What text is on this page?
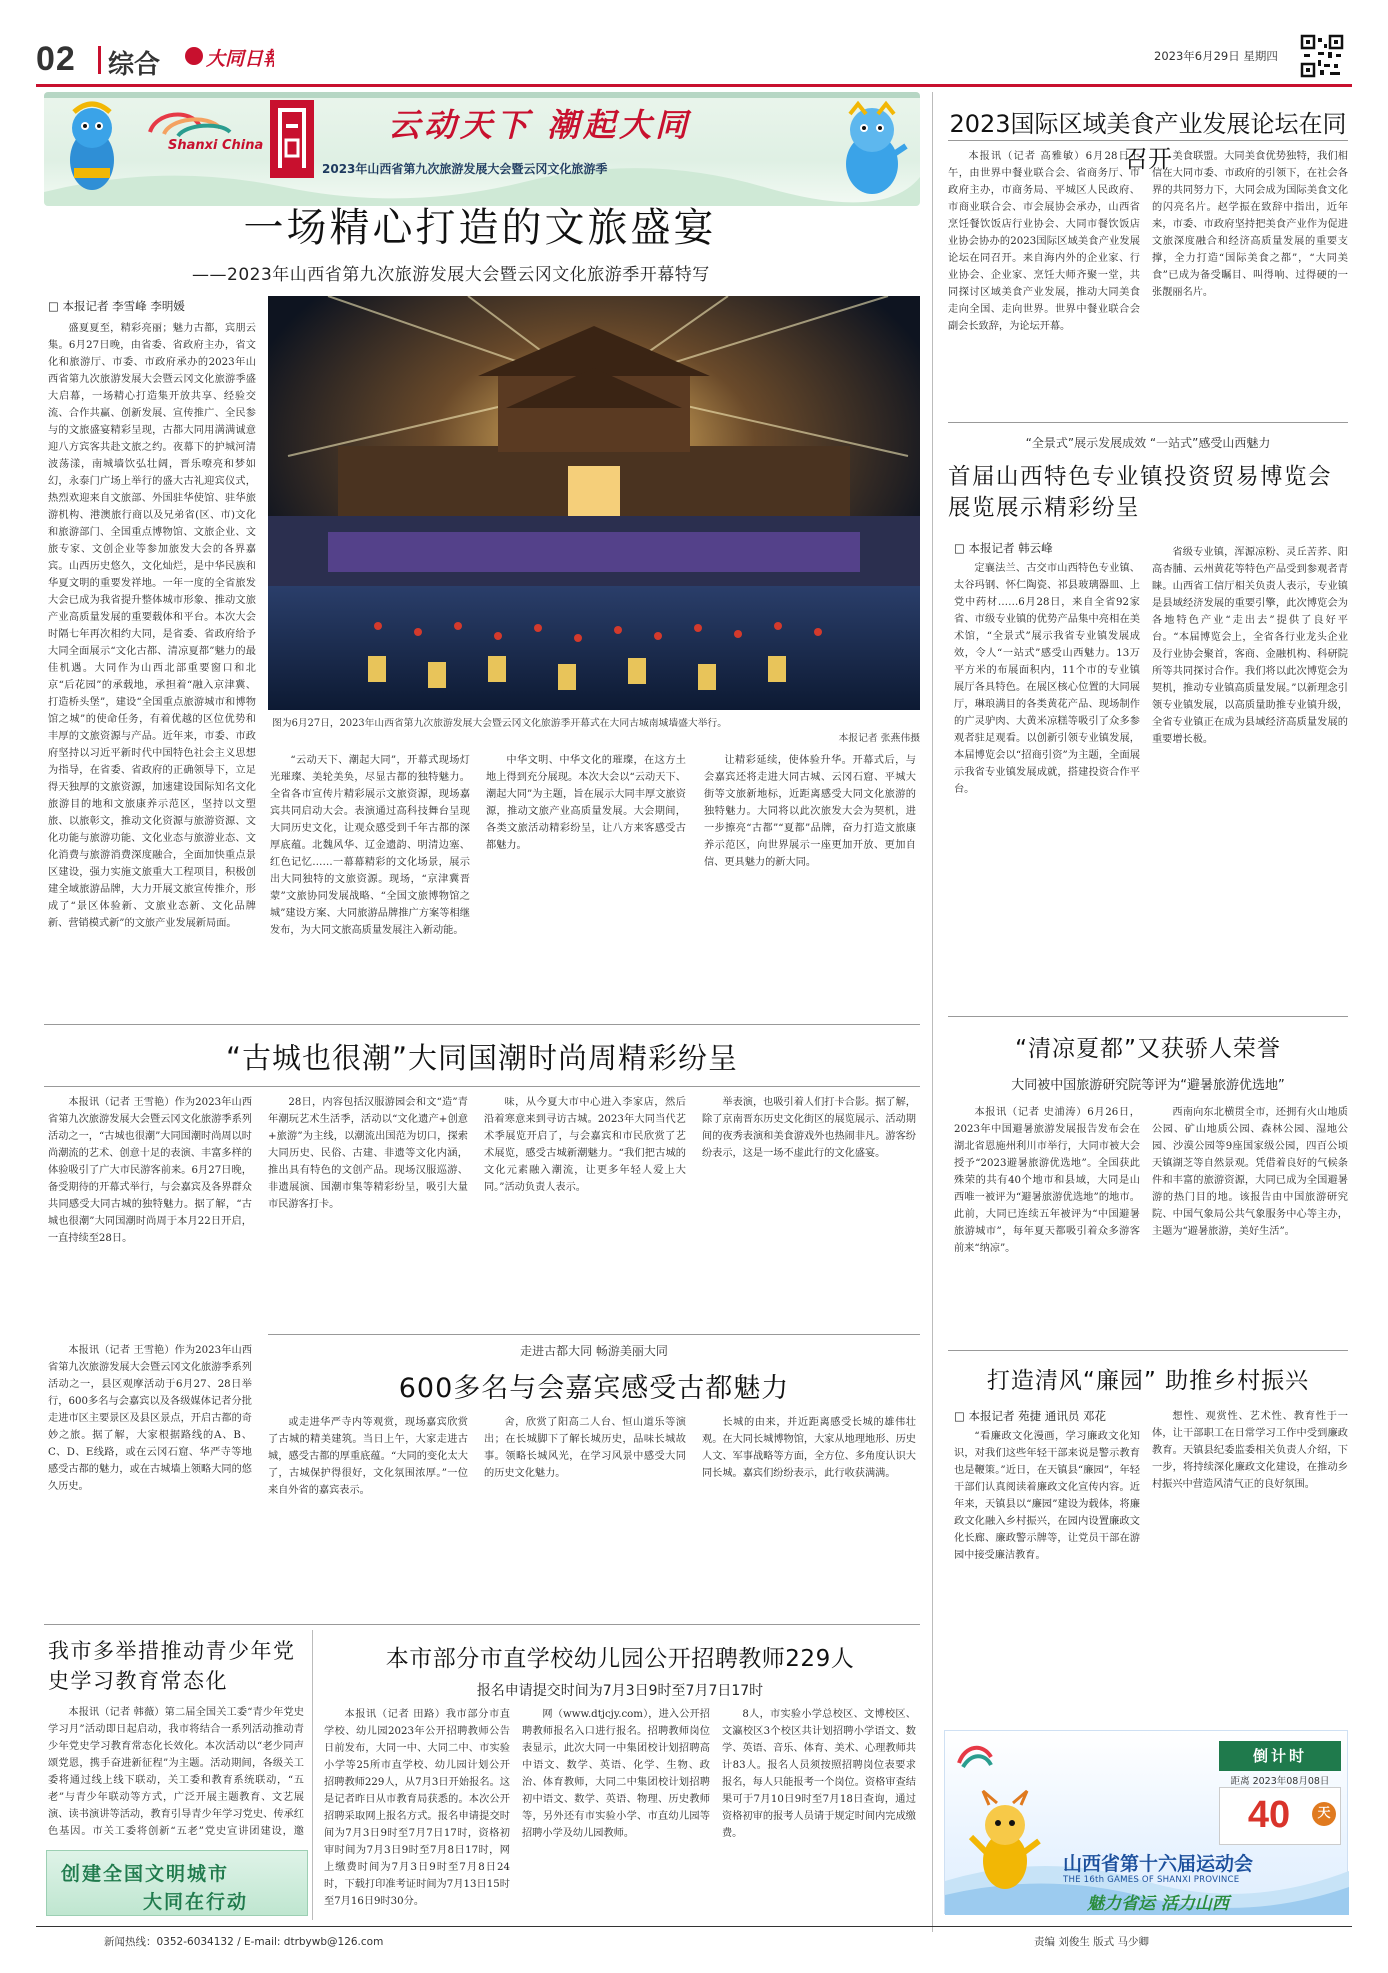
02 综合 大同日	2023年6月29日 星期四
Shanxi China
云动天下 潮起大同
2023年山西省第九次旅游发展大会暨云冈文化旅游季
一场精心打造的文旅盛宴
——2023年山西省第九次旅游发展大会暨云冈文化旅游季开幕特写
□ 本报记者 李雪峰 李明媛

盛夏夏至，精彩亮丽；魅力古都，宾朋云集。6月27日晚，由省委、省政府主办，省文化和旅游厅、市委、市政府承办的2023年山西省第九次旅游发展大会暨云冈文化旅游季盛大启幕，一场精心打造集开放共享、经验交流、合作共赢、创新发展、宣传推广、全民参与的文旅盛宴精彩呈现，古都大同用满满诚意迎八方宾客共赴文旅之约。夜幕下的护城河清波荡漾，南城墙饮弘壮阔，晋乐嘹亮和梦如幻，永泰门广场上举行的盛大古礼迎宾仪式，热烈欢迎来自文旅部、外国驻华使馆、驻华旅游机构、港澳旅行商以及兄弟省(区、市)文化和旅游部门、全国重点博物馆、文旅企业、文旅专家、文创企业等参加旅发大会的各界嘉宾。山西历史悠久，文化灿烂，是中华民族和华夏文明的重要发祥地。一年一度的全省旅发大会已成为我省提升整体城市形象、推动文旅产业高质量发展的重要载体和平台。本次大会时隔七年再次相约大同，是省委、省政府给予大同全面展示“文化古都、清凉夏都”魅力的最佳机遇。大同作为山西北部重要窗口和北京“后花园”的承载地，承担着“融入京津冀、打造桥头堡”，建设“全国重点旅游城市和博物馆之城”的使命任务，有着优越的区位优势和丰厚的文旅资源与产品。近年来，市委、市政府坚持以习近平新时代中国特色社会主义思想为指导，在省委、省政府的正确领导下，立足得天独厚的文旅资源，加速建设国际知名文化旅游目的地和文旅康养示范区，坚持以文塑旅、以旅彰文，推动文化资源与旅游资源、文化功能与旅游功能、文化业态与旅游业态、文化消费与旅游消费深度融合，全面加快重点景区建设，强力实施文旅重大工程项目，积极创建全域旅游品牌，大力开展文旅宣传推介，形成了“景区体验新、文旅业态新、文化品牌新、营销模式新”的文旅产业发展新局面。

图为6月27日，2023年山西省第九次旅游发展大会暨云冈文化旅游季开幕式在大同古城南城墙盛大举行。
本报记者 张燕伟摄

“云动天下、潮起大同”，开幕式现场灯光璀璨、美轮美奂，尽显古都的独特魅力。全省各市宣传片精彩展示文旅资源，现场嘉宾共同启动大会。表演通过高科技舞台呈现大同历史文化，让观众感受到千年古都的深厚底蕴。北魏风华、辽金遗韵、明清边塞、红色记忆……一幕幕精彩的文化场景，展示出大同独特的文旅资源。现场，“京津冀晋蒙”文旅协同发展战略、“全国文旅博物馆之城”建设方案、大同旅游品牌推广方案等相继发布，为大同文旅高质量发展注入新动能。

中华文明、中华文化的璀璨，在这方土地上得到充分展现。本次大会以“云动天下、潮起大同”为主题，旨在展示大同丰厚文旅资源，推动文旅产业高质量发展。大会期间，各类文旅活动精彩纷呈，让八方来客感受古都魅力。

让精彩延续，使体验升华。开幕式后，与会嘉宾还将走进大同古城、云冈石窟、平城大街等文旅新地标，近距离感受大同文化旅游的独特魅力。大同将以此次旅发大会为契机，进一步擦亮“古都”“夏都”品牌，奋力打造文旅康养示范区，向世界展示一座更加开放、更加自信、更具魅力的新大同。

2023国际区域美食产业发展论坛在同召开

本报讯（记者 高雅敏）6月28日上午，由世界中餐业联合会、省商务厅、市政府主办，市商务局、平城区人民政府、市商业联合会、市会展协会承办，山西省烹饪餐饮饭店行业协会、大同市餐饮饭店业协会协办的2023国际区域美食产业发展论坛在同召开。来自海内外的企业家、行业协会、企业家、烹饪大师齐聚一堂，共同探讨区域美食产业发展，推动大同美食走向全国、走向世界。世界中餐业联合会副会长致辞，为论坛开幕。

美食联盟。大同美食优势独特，我们相信在大同市委、市政府的引领下，在社会各界的共同努力下，大同会成为国际美食文化的闪亮名片。赵学振在致辞中指出，近年来，市委、市政府坚持把美食产业作为促进文旅深度融合和经济高质量发展的重要支撑，全力打造“国际美食之都”，“大同美食”已成为备受瞩目、叫得响、过得硬的一张靓丽名片。

“全景式”展示发展成效 “一站式”感受山西魅力
首届山西特色专业镇投资贸易博览会展览展示精彩纷呈
□ 本报记者 韩云峰

定襄法兰、古交市山西特色专业镇、太谷玛钢、怀仁陶瓷、祁县玻璃器皿、上党中药材……6月28日，来自全省92家省、市级专业镇的优势产品集中亮相在美术馆，“全景式”展示我省专业镇发展成效，令人“一站式”感受山西魅力。13万平方米的布展面积内，11个市的专业镇展厅各具特色。在展区核心位置的大同展厅，琳琅满目的各类黄花产品、现场制作的广灵驴肉、大黄米凉糕等吸引了众多参观者驻足观看。以创新引领专业镇发展，本届博览会以“招商引资”为主题，全面展示我省专业镇发展成就，搭建投资合作平台。

省级专业镇，浑源凉粉、灵丘苦荞、阳高杏脯、云州黄花等特色产品受到参观者青睐。山西省工信厅相关负责人表示，专业镇是县域经济发展的重要引擎，此次博览会为各地特色产业“走出去”提供了良好平台。“本届博览会上，全省各行业龙头企业及行业协会聚首，客商、金融机构、科研院所等共同探讨合作。我们将以此次博览会为契机，推动专业镇高质量发展。”以新理念引领专业镇发展，以高质量助推专业镇升级，全省专业镇正在成为县域经济高质量发展的重要增长极。

“清凉夏都”又获骄人荣誉
大同被中国旅游研究院等评为“避暑旅游优选地”

本报讯（记者 史浦涛）6月26日，2023年中国避暑旅游发展报告发布会在湖北省恩施州利川市举行，大同市被大会授予“2023避暑旅游优选地”。全国获此殊荣的共有40个地市和县域，大同是山西唯一被评为“避暑旅游优选地”的地市。此前，大同已连续五年被评为“中国避暑旅游城市”，每年夏天都吸引着众多游客前来“纳凉”。

西南向东北横贯全市，还拥有火山地质公园、矿山地质公园、森林公园、湿地公园、沙漠公园等9座国家级公园，四百公顷天镇湖芝等自然景观。凭借着良好的气候条件和丰富的旅游资源，大同已成为全国避暑游的热门目的地。该报告由中国旅游研究院、中国气象局公共气象服务中心等主办，主题为“避暑旅游，美好生活”。

打造清风“廉园” 助推乡村振兴
□ 本报记者 苑捷 通讯员 邓花

“看廉政文化漫画，学习廉政文化知识，对我们这些年轻干部来说是警示教育也是鞭策。”近日，在天镇县“廉园”，年轻干部们认真阅读着廉政文化宣传内容。近年来，天镇县以“廉园”建设为载体，将廉政文化融入乡村振兴，在园内设置廉政文化长廊、廉政警示牌等，让党员干部在游园中接受廉洁教育。

想性、观赏性、艺术性、教育性于一体，让干部职工在日常学习工作中受到廉政教育。天镇县纪委监委相关负责人介绍，下一步，将持续深化廉政文化建设，在推动乡村振兴中营造风清气正的良好氛围。

山西省第十六届运动会
THE 16th GAMES OF SHANXI PROVINCE
魅力省运 活力山西
倒计时
距离 2023年08月08日
40	天
“古城也很潮”大同国潮时尚周精彩纷呈

本报讯（记者 王雪艳）作为2023年山西省第九次旅游发展大会暨云冈文化旅游季系列活动之一，“古城也很潮”大同国潮时尚周以时尚潮流的艺术、创意十足的表演、丰富多样的体验吸引了广大市民游客前来。6月27日晚，备受期待的开幕式举行，与会嘉宾及各界群众共同感受大同古城的独特魅力。据了解，“古城也很潮”大同国潮时尚周于本月22日开启，一直持续至28日。

28日，内容包括汉服游园会和文“造”青年潮玩艺术生活季，活动以“文化遗产+创意+旅游”为主线，以潮流出国范为切口，探索大同历史、民俗、古建、非遗等文化内涵，推出具有特色的文创产品。现场汉服巡游、非遗展演、国潮市集等精彩纷呈，吸引大量市民游客打卡。

味，从今夏大市中心进入李家店，然后沿着寒意来到寻访古城。2023年大同当代艺术季展览开启了，与会嘉宾和市民欣赏了艺术展览，感受古城新潮魅力。“我们把古城的文化元素融入潮流，让更多年轻人爱上大同。”活动负责人表示。

举表演，也吸引着人们打卡合影。据了解，除了京南晋东历史文化街区的展览展示、活动期间的夜秀表演和美食游戏外也热闹非凡。游客纷纷表示，这是一场不虚此行的文化盛宴。

走进古都大同 畅游美丽大同
600多名与会嘉宾感受古都魅力

本报讯（记者 王雪艳）作为2023年山西省第九次旅游发展大会暨云冈文化旅游季系列活动之一，县区观摩活动于6月27、28日举行，600多名与会嘉宾以及各级媒体记者分批走进市区主要景区及县区景点，开启古都的奇妙之旅。据了解，大家根据路线的A、B、C、D、E线路，或在云冈石窟、华严寺等地感受古都的魅力，或在古城墙上领略大同的悠久历史。

或走进华严寺内等观赏，现场嘉宾欣赏了古城的精美建筑。当日上午，大家走进古城，感受古都的厚重底蕴。“大同的变化太大了，古城保护得很好，文化氛围浓厚。”一位来自外省的嘉宾表示。

舍，欣赏了阳高二人台、恒山道乐等演出；在长城脚下了解长城历史，品味长城故事。领略长城风光，在学习风景中感受大同的历史文化魅力。

长城的由来，并近距离感受长城的雄伟壮观。在大同长城博物馆，大家从地理地形、历史人文、军事战略等方面，全方位、多角度认识大同长城。嘉宾们纷纷表示，此行收获满满。

我市多举措推动青少年党史学习教育常态化

本报讯（记者 韩薇）第二届全国关工委“青少年党史学习月”活动即日起启动，我市将结合一系列活动推动青少年党史学习教育常态化长效化。本次活动以“老少同声颂党恩，携手奋进新征程”为主题。活动期间，各级关工委将通过线上线下联动，关工委和教育系统联动，“五老”与青少年联动等方式，广泛开展主题教育、文艺展演、读书演讲等活动，教育引导青少年学习党史、传承红色基因。市关工委将创新“五老”党史宣讲团建设，邀

创建全国文明城市
大同在行动
本市部分市直学校幼儿园公开招聘教师229人
报名申请提交时间为7月3日9时至7月7日17时

本报讯（记者 田路）我市部分市直学校、幼儿园2023年公开招聘教师公告日前发布，大同一中、大同二中、市实验小学等25所市直学校、幼儿园计划公开招聘教师229人，从7月3日开始报名。这是记者昨日从市教育局获悉的。本次公开招聘采取网上报名方式。报名申请提交时间为7月3日9时至7月7日17时，资格初审时间为7月3日9时至7月8日17时，网上缴费时间为7月3日9时至7月8日24时，下载打印准考证时间为7月13日15时至7月16日9时30分。

网（www.dtjcjy.com），进入公开招聘教师报名入口进行报名。招聘教师岗位表显示，此次大同一中集团校计划招聘高中语文、数学、英语、化学、生物、政治、体育教师，大同二中集团校计划招聘初中语文、数学、英语、物理、历史教师等，另外还有市实验小学、市直幼儿园等招聘小学及幼儿园教师。

8人，市实验小学总校区、文博校区、文瀛校区3个校区共计划招聘小学语文、数学、英语、音乐、体育、美术、心理教师共计83人。报名人员须按照招聘岗位表要求报名，每人只能报考一个岗位。资格审查结果可于7月10日9时至7月18日查询，通过资格初审的报考人员请于规定时间内完成缴费。

新闻热线：0352-6034132 / E-mail: dtrbywb@126.com	责编 刘俊生 版式 马少卿
